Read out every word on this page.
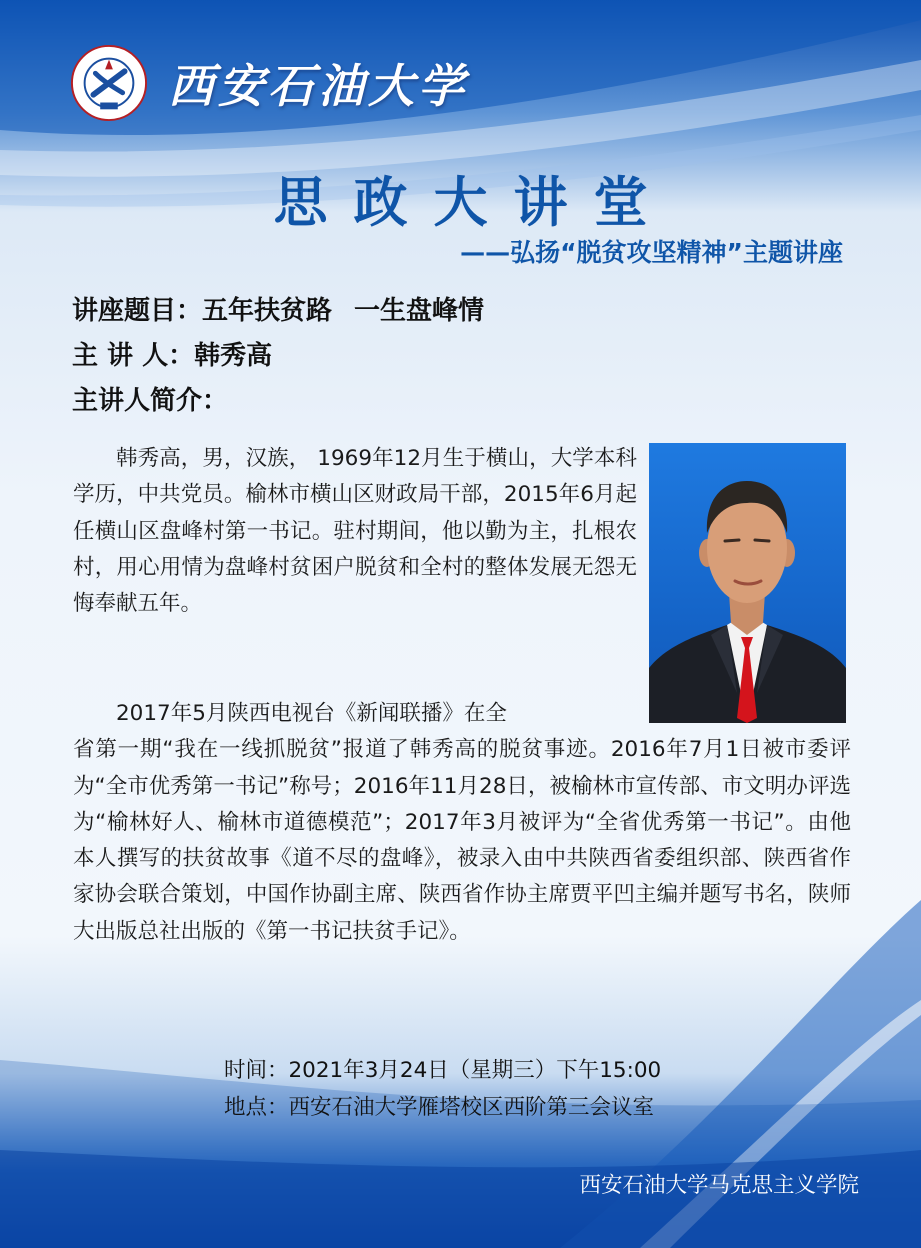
西安石油大学
思政大讲堂
——弘扬“脱贫攻坚精神”主题讲座
讲座题目：五年扶贫路 一生盘峰情
主 讲 人：韩秀高
主讲人简介：

韩秀高，男，汉族， 1969年12月生于横山，大学本科学历，中共党员。榆林市横山区财政局干部，2015年6月起任横山区盘峰村第一书记。驻村期间，他以勤为主，扎根农村，用心用情为盘峰村贫困户脱贫和全村的整体发展无怨无悔奉献五年。

2017年5月陕西电视台《新闻联播》在全

省第一期“我在一线抓脱贫”报道了韩秀高的脱贫事迹。2016年7月1日被市委评为“全市优秀第一书记”称号；2016年11月28日，被榆林市宣传部、市文明办评选为“榆林好人、榆林市道德模范”；2017年3月被评为“全省优秀第一书记”。由他本人撰写的扶贫故事《道不尽的盘峰》，被录入由中共陕西省委组织部、陕西省作家协会联合策划，中国作协副主席、陕西省作协主席贾平凹主编并题写书名，陕师大出版总社出版的《第一书记扶贫手记》。
时间：2021年3月24日（星期三）下午15:00
地点：西安石油大学雁塔校区西阶第三会议室
西安石油大学马克思主义学院
